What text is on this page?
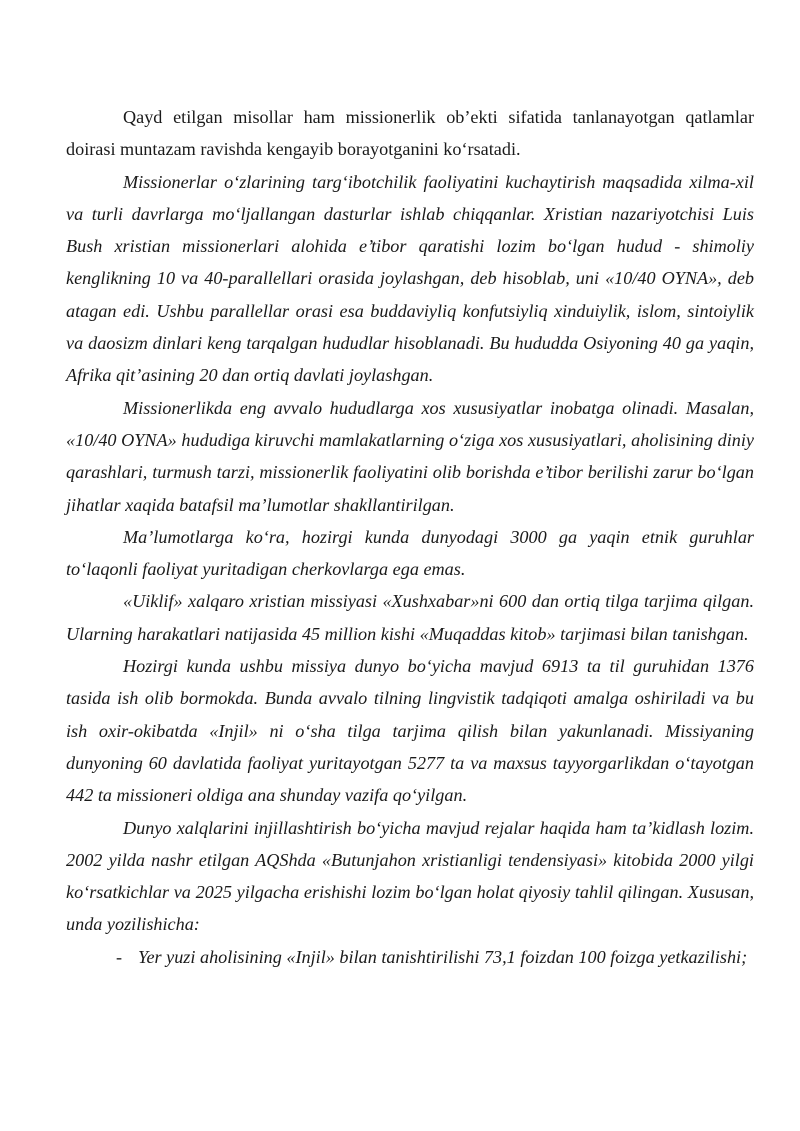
Qayd etilgan misollar ham missionerlik ob’ekti sifatida tanlanayotgan qatlamlar doirasi muntazam ravishda kengayib borayotganini ko‘rsatadi.

Missionerlar o‘zlarining targ‘ibotchilik faoliyatini kuchaytirish maqsadida xilma-xil va turli davrlarga mo‘ljallangan dasturlar ishlab chiqqanlar. Xristian nazariyotchisi Luis Bush xristian missionerlari alohida e’tibor qaratishi lozim bo‘lgan hudud - shimoliy kenglikning 10 va 40-parallellari orasida joylashgan, deb hisoblab, uni «10/40 OYNA», deb atagan edi. Ushbu parallellar orasi esa buddaviyliq konfutsiyliq xinduiylik, islom, sintoiylik va daosizm dinlari keng tarqalgan hududlar hisoblanadi. Bu hududda Osiyoning 40 ga yaqin, Afrika qit’asining 20 dan ortiq davlati joylashgan.

Missionerlikda eng avvalo hududlarga xos xususiyatlar inobatga olinadi. Masalan, «10/40 OYNA» hududiga kiruvchi mamlakatlarning o‘ziga xos xususiyatlari, aholisining diniy qarashlari, turmush tarzi, missionerlik faoliyatini olib borishda e’tibor berilishi zarur bo‘lgan jihatlar xaqida batafsil ma’lumotlar shakllantirilgan.

Ma’lumotlarga ko‘ra, hozirgi kunda dunyodagi 3000 ga yaqin etnik guruhlar to‘laqonli faoliyat yuritadigan cherkovlarga ega emas.

«Uiklif» xalqaro xristian missiyasi «Xushxabar»ni 600 dan ortiq tilga tarjima qilgan. Ularning harakatlari natijasida 45 million kishi «Muqaddas kitob» tarjimasi bilan tanishgan.

Hozirgi kunda ushbu missiya dunyo bo‘yicha mavjud 6913 ta til guruhidan 1376 tasida ish olib bormokda. Bunda avvalo tilning lingvistik tadqiqoti amalga oshiriladi va bu ish oxir-okibatda «Injil» ni o‘sha tilga tarjima qilish bilan yakunlanadi. Missiyaning dunyoning 60 davlatida faoliyat yuritayotgan 5277 ta va maxsus tayyorgarlikdan o‘tayotgan 442 ta missioneri oldiga ana shunday vazifa qo‘yilgan.

Dunyo xalqlarini injillashtirish bo‘yicha mavjud rejalar haqida ham ta’kidlash lozim. 2002 yilda nashr etilgan AQShda «Butunjahon xristianligi tendensiyasi» kitobida 2000 yilgi ko‘rsatkichlar va 2025 yilgacha erishishi lozim bo‘lgan holat qiyosiy tahlil qilingan. Xususan, unda yozilishicha:

- Yer yuzi aholisining «Injil» bilan tanishtirilishi 73,1 foizdan 100 foizga yetkazilishi;
